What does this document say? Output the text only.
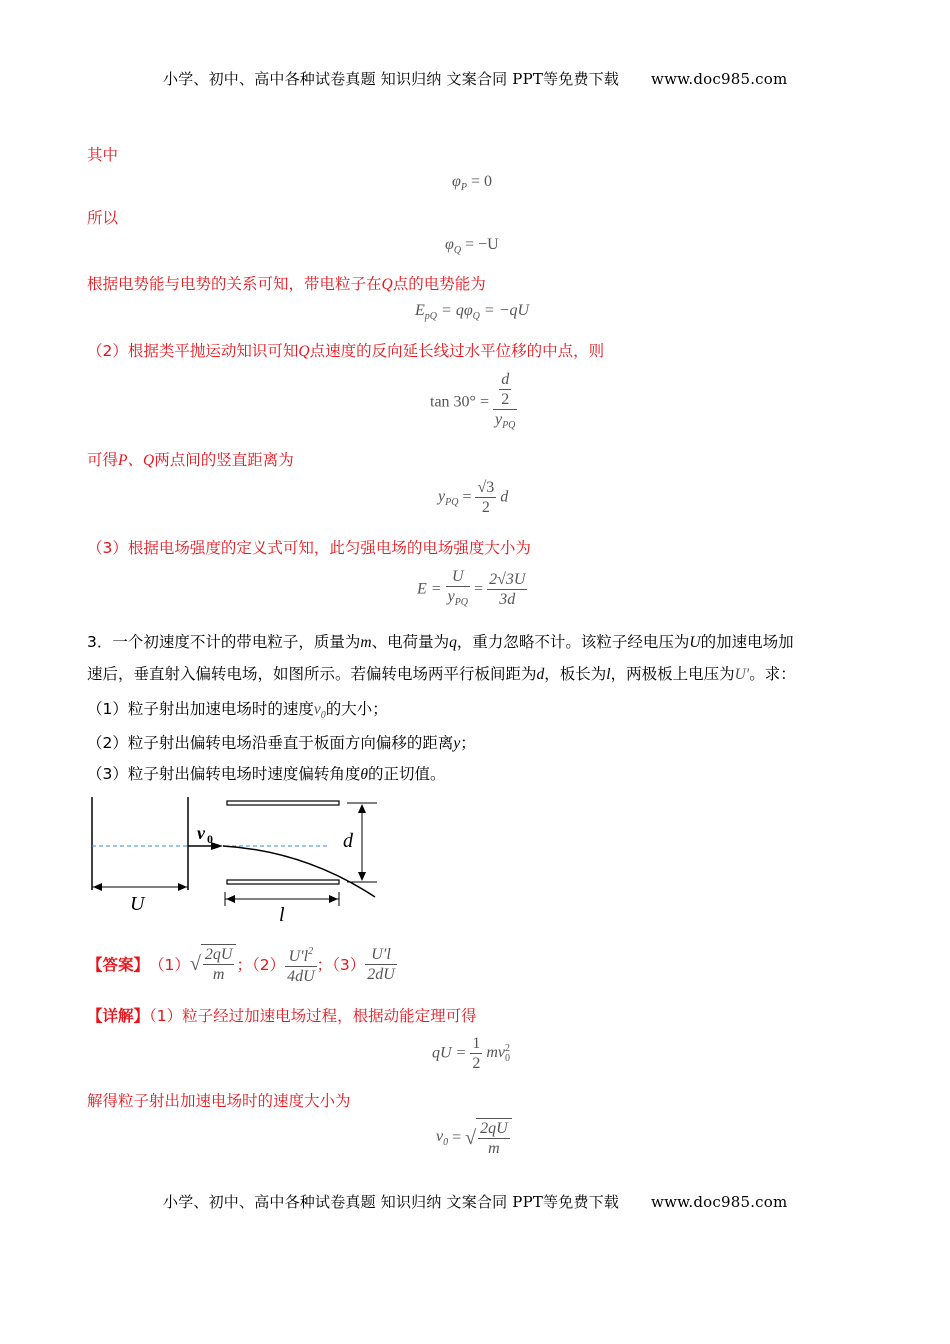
小学、初中、高中各种试卷真题 知识归纳 文案合同 PPT等免费下载 www.doc985.com
其中
$\varphi_P = 0$
所以
$\varphi_Q = -U$
根据电势能与电势的关系可知，带电粒子在Q点的电势能为
$E_{pQ} = q\varphi_Q = -qU$
（2）根据类平抛运动知识可知Q点速度的反向延长线过水平位移的中点，则
tan 30° = d
2
$y_{PQ}$
可得P、Q两点间的竖直距离为
$y_{PQ} = \frac{√3}{2}$ d
（3）根据电场强度的定义式可知，此匀强电场的电场强度大小为
$E = \frac{U}{y_{PQ}} = \frac{2√3U}{3d}$
3．一个初速度不计的带电粒子，质量为m、电荷量为q，重力忽略不计。该粒子经电压为U的加速电场加
速后，垂直射入偏转电场，如图所示。若偏转电场两平行板间距为d，板长为l，两极板上电压为U′。求：
（1）粒子射出加速电场时的速度$v_0$的大小；
（2）粒子射出偏转电场沿垂直于板面方向偏移的距离y；
（3）粒子射出偏转电场时速度偏转角度θ的正切值。
v 0	d
U	l
【答案】 （1） √ $\frac{2qU}{m}$ ；$(2) \frac{U'l^2}{4dU}$ ；$(3) \frac{U'l}{2dU}$
【详解】（1）粒子经过加速电场过程，根据动能定理可得
qU = $\frac{1}{2}$ mv 2
0
解得粒子射出加速电场时的速度大小为
$v_0$ = √ $\frac{2qU}{m}$
小学、初中、高中各种试卷真题 知识归纳 文案合同 PPT等免费下载 www.doc985.com
